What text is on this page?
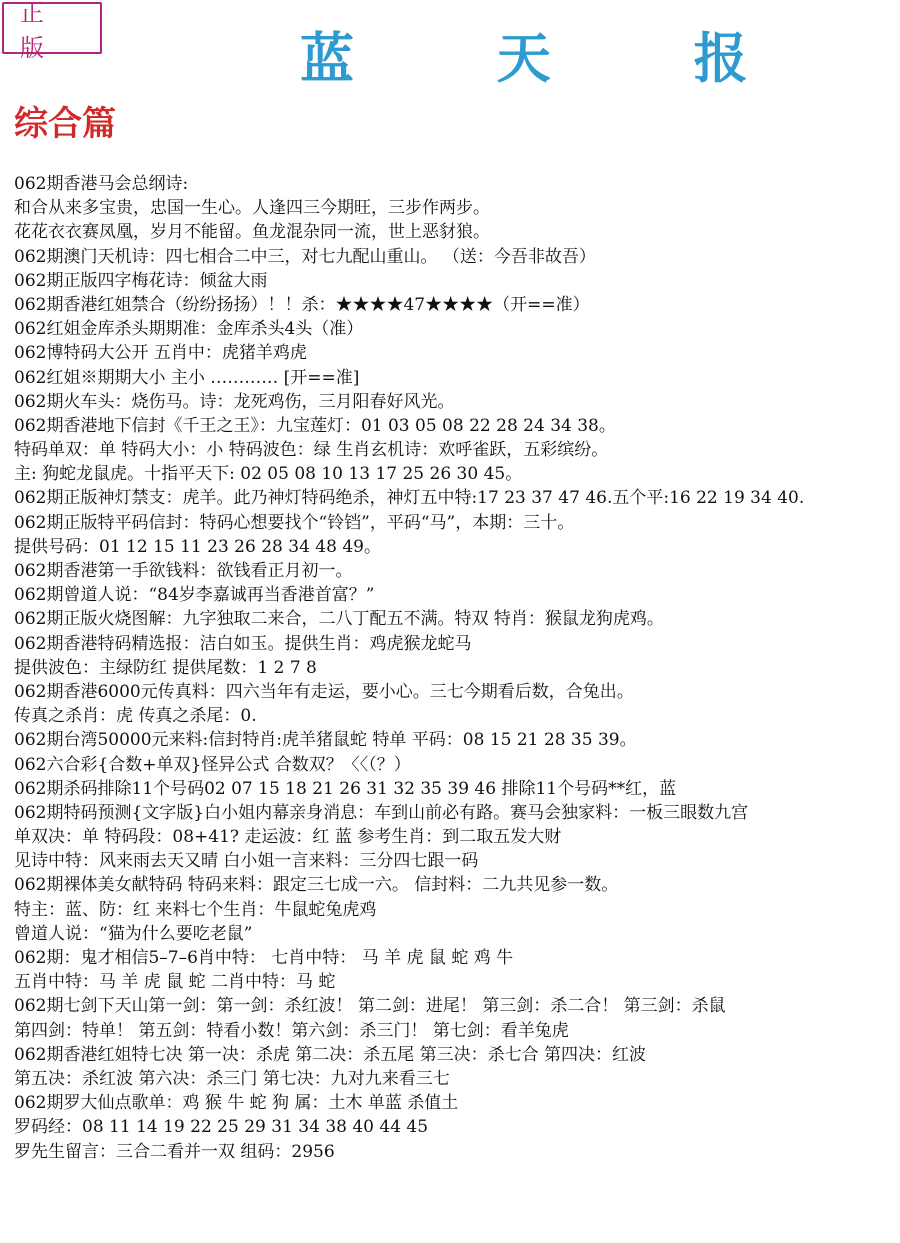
正 版	蓝 天 报
综合篇
062期香港马会总纲诗:
和合从来多宝贵，忠国一生心。人逢四三今期旺，三步作两步。
花花衣衣赛凤凰，岁月不能留。鱼龙混杂同一流，世上恶豺狼。
062期澳门天机诗：四七相合二中三，对七九配山重山。 （送：今吾非故吾）
062期正版四字梅花诗：倾盆大雨
062期香港红姐禁合（纷纷扬扬）！！杀：★★★★47★★★★（开==准）
062红姐金库杀头期期准：金库杀头4头（准）
062博特码大公开 五肖中：虎猪羊鸡虎
062红姐※期期大小 主小 ………… [开==准]
062期火车头：烧伤马。诗：龙死鸡伤，三月阳春好风光。
062期香港地下信封《千王之王》：九宝莲灯：01 03 05 08 22 28 24 34 38。
特码单双：单 特码大小：小 特码波色：绿 生肖玄机诗：欢呼雀跃，五彩缤纷。
主: 狗蛇龙鼠虎。十指平天下: 02 05 08 10 13 17 25 26 30 45。
062期正版神灯禁支：虎羊。此乃神灯特码绝杀，神灯五中特:17 23 37 47 46.五个平:16 22 19 34 40.
062期正版特平码信封：特码心想要找个“铃铛”，平码“马”，本期：三十。
提供号码：01 12 15 11 23 26 28 34 48 49。
062期香港第一手欲钱料：欲钱看正月初一。
062期曾道人说：“84岁李嘉诚再当香港首富？”
062期正版火烧图解：九字独取二来合，二八丁配五不满。特双 特肖：猴鼠龙狗虎鸡。
062期香港特码精选报：洁白如玉。提供生肖：鸡虎猴龙蛇马
提供波色：主绿防红 提供尾数：1 2 7 8
062期香港6000元传真料：四六当年有走运，要小心。三七今期看后数，合兔出。
传真之杀肖：虎 传真之杀尾：0.
062期台湾50000元来料:信封特肖:虎羊猪鼠蛇 特单 平码：08 15 21 28 35 39。
062六合彩{合数+单双}怪异公式 合数双？〈〈（？）
062期杀码排除11个号码02 07 15 18 21 26 31 32 35 39 46 排除11个号码**红，蓝
062期特码预测{文字版}白小姐内幕亲身消息：车到山前必有路。赛马会独家料：一板三眼数九宫
单双决：单 特码段：08+41? 走运波：红 蓝 参考生肖：到二取五发大财
见诗中特：风来雨去天又晴 白小姐一言来料：三分四七跟一码
062期裸体美女献特码 特码来料：跟定三七成一六。 信封料：二九共见参一数。
特主：蓝、防：红 来料七个生肖：牛鼠蛇兔虎鸡
曾道人说：“猫为什么要吃老鼠”
062期：鬼才相信5–7–6肖中特： 七肖中特： 马 羊 虎 鼠 蛇 鸡 牛
五肖中特：马 羊 虎 鼠 蛇 二肖中特：马 蛇
062期七剑下天山第一剑：第一剑：杀红波！ 第二剑：进尾！ 第三剑：杀二合！ 第三剑：杀鼠
第四剑：特单！ 第五剑：特看小数！第六剑：杀三门！ 第七剑：看羊兔虎
062期香港红姐特七决 第一决：杀虎 第二决：杀五尾 第三决：杀七合 第四决：红波
第五决：杀红波 第六决：杀三门 第七决：九对九来看三七
062期罗大仙点歌单：鸡 猴 牛 蛇 狗 属：土木 单蓝 杀值土
罗码经：08 11 14 19 22 25 29 31 34 38 40 44 45
罗先生留言：三合二看并一双 组码：2956
